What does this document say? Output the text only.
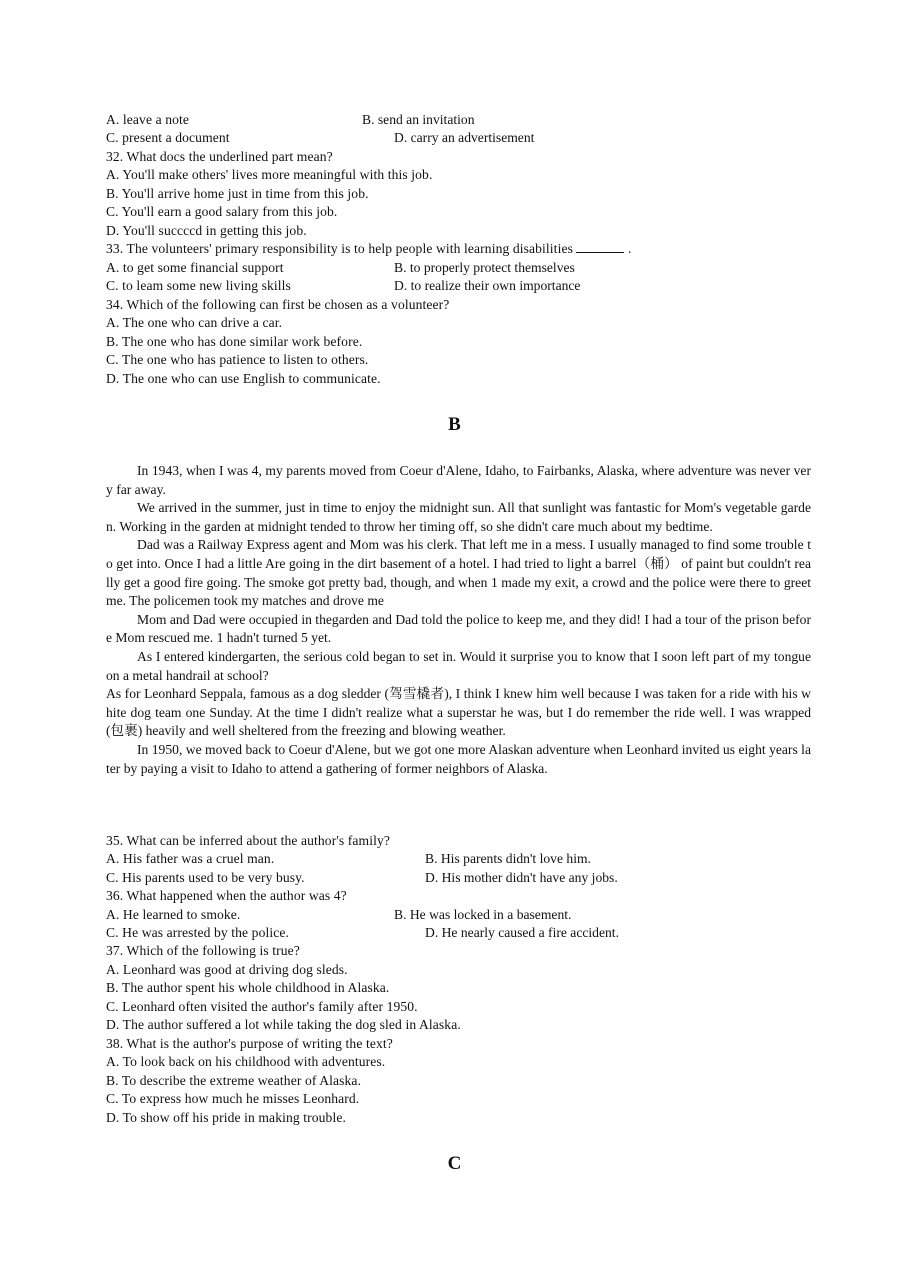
A. leave a note	B. send an invitation
C. present a document	D. carry an advertisement
32. What docs the underlined part mean?
A. You'll make others' lives more meaningful with this job.
B. You'll arrive home just in time from this job.
C. You'll earn a good salary from this job.
D. You'll succccd in getting this job.
33. The volunteers' primary responsibility is to help people with learning disabilities	.
A. to get some financial support	B. to properly protect themselves
C. to leam some new living skills	D. to realize their own importance
34. Which of the following can first be chosen as a volunteer?
A. The one who can drive a car.
B. The one who has done similar work before.
C. The one who has patience to listen to others.
D. The one who can use English to communicate.
B

In 1943, when I was 4, my parents moved from Coeur d'Alene, Idaho, to Fairbanks, Alaska, where adventure was never very far away.

We arrived in the summer, just in time to enjoy the midnight sun. All that sunlight was fantastic for Mom's vegetable garden. Working in the garden at midnight tended to throw her timing off, so she didn't care much about my bedtime.

Dad was a Railway Express agent and Mom was his clerk. That left me in a mess. I usually managed to find some trouble to get into. Once I had a little Are going in the dirt basement of a hotel. I had tried to light a barrel（桶） of paint but couldn't really get a good fire going. The smoke got pretty bad, though, and when 1 made my exit, a crowd and the police were there to greet me. The policemen took my matches and drove me

Mom and Dad were occupied in thegarden and Dad told the police to keep me, and they did! I had a tour of the prison before Mom rescued me. 1 hadn't turned 5 yet.

As I entered kindergarten, the serious cold began to set in. Would it surprise you to know that I soon left part of my tongue on a metal handrail at school?

As for Leonhard Seppala, famous as a dog sledder (驾雪橇者), I think I knew him well because I was taken for a ride with his white dog team one Sunday. At the time I didn't realize what a superstar he was, but I do remember the ride well. I was wrapped (包裹) heavily and well sheltered from the freezing and blowing weather.

In 1950, we moved back to Coeur d'Alene, but we got one more Alaskan adventure when Leonhard invited us eight years later by paying a visit to Idaho to attend a gathering of former neighbors of Alaska.

35. What can be inferred about the author's family?
A. His father was a cruel man.	B. His parents didn't love him.
C. His parents used to be very busy.	D. His mother didn't have any jobs.
36. What happened when the author was 4?
A. He learned to smoke.	B. He was locked in a basement.
C. He was arrested by the police.	D. He nearly caused a fire accident.
37. Which of the following is true?
A. Leonhard was good at driving dog sleds.
B. The author spent his whole childhood in Alaska.
C. Leonhard often visited the author's family after 1950.
D. The author suffered a lot while taking the dog sled in Alaska.
38. What is the author's purpose of writing the text?
A. To look back on his childhood with adventures.
B. To describe the extreme weather of Alaska.
C. To express how much he misses Leonhard.
D. To show off his pride in making trouble.
C
